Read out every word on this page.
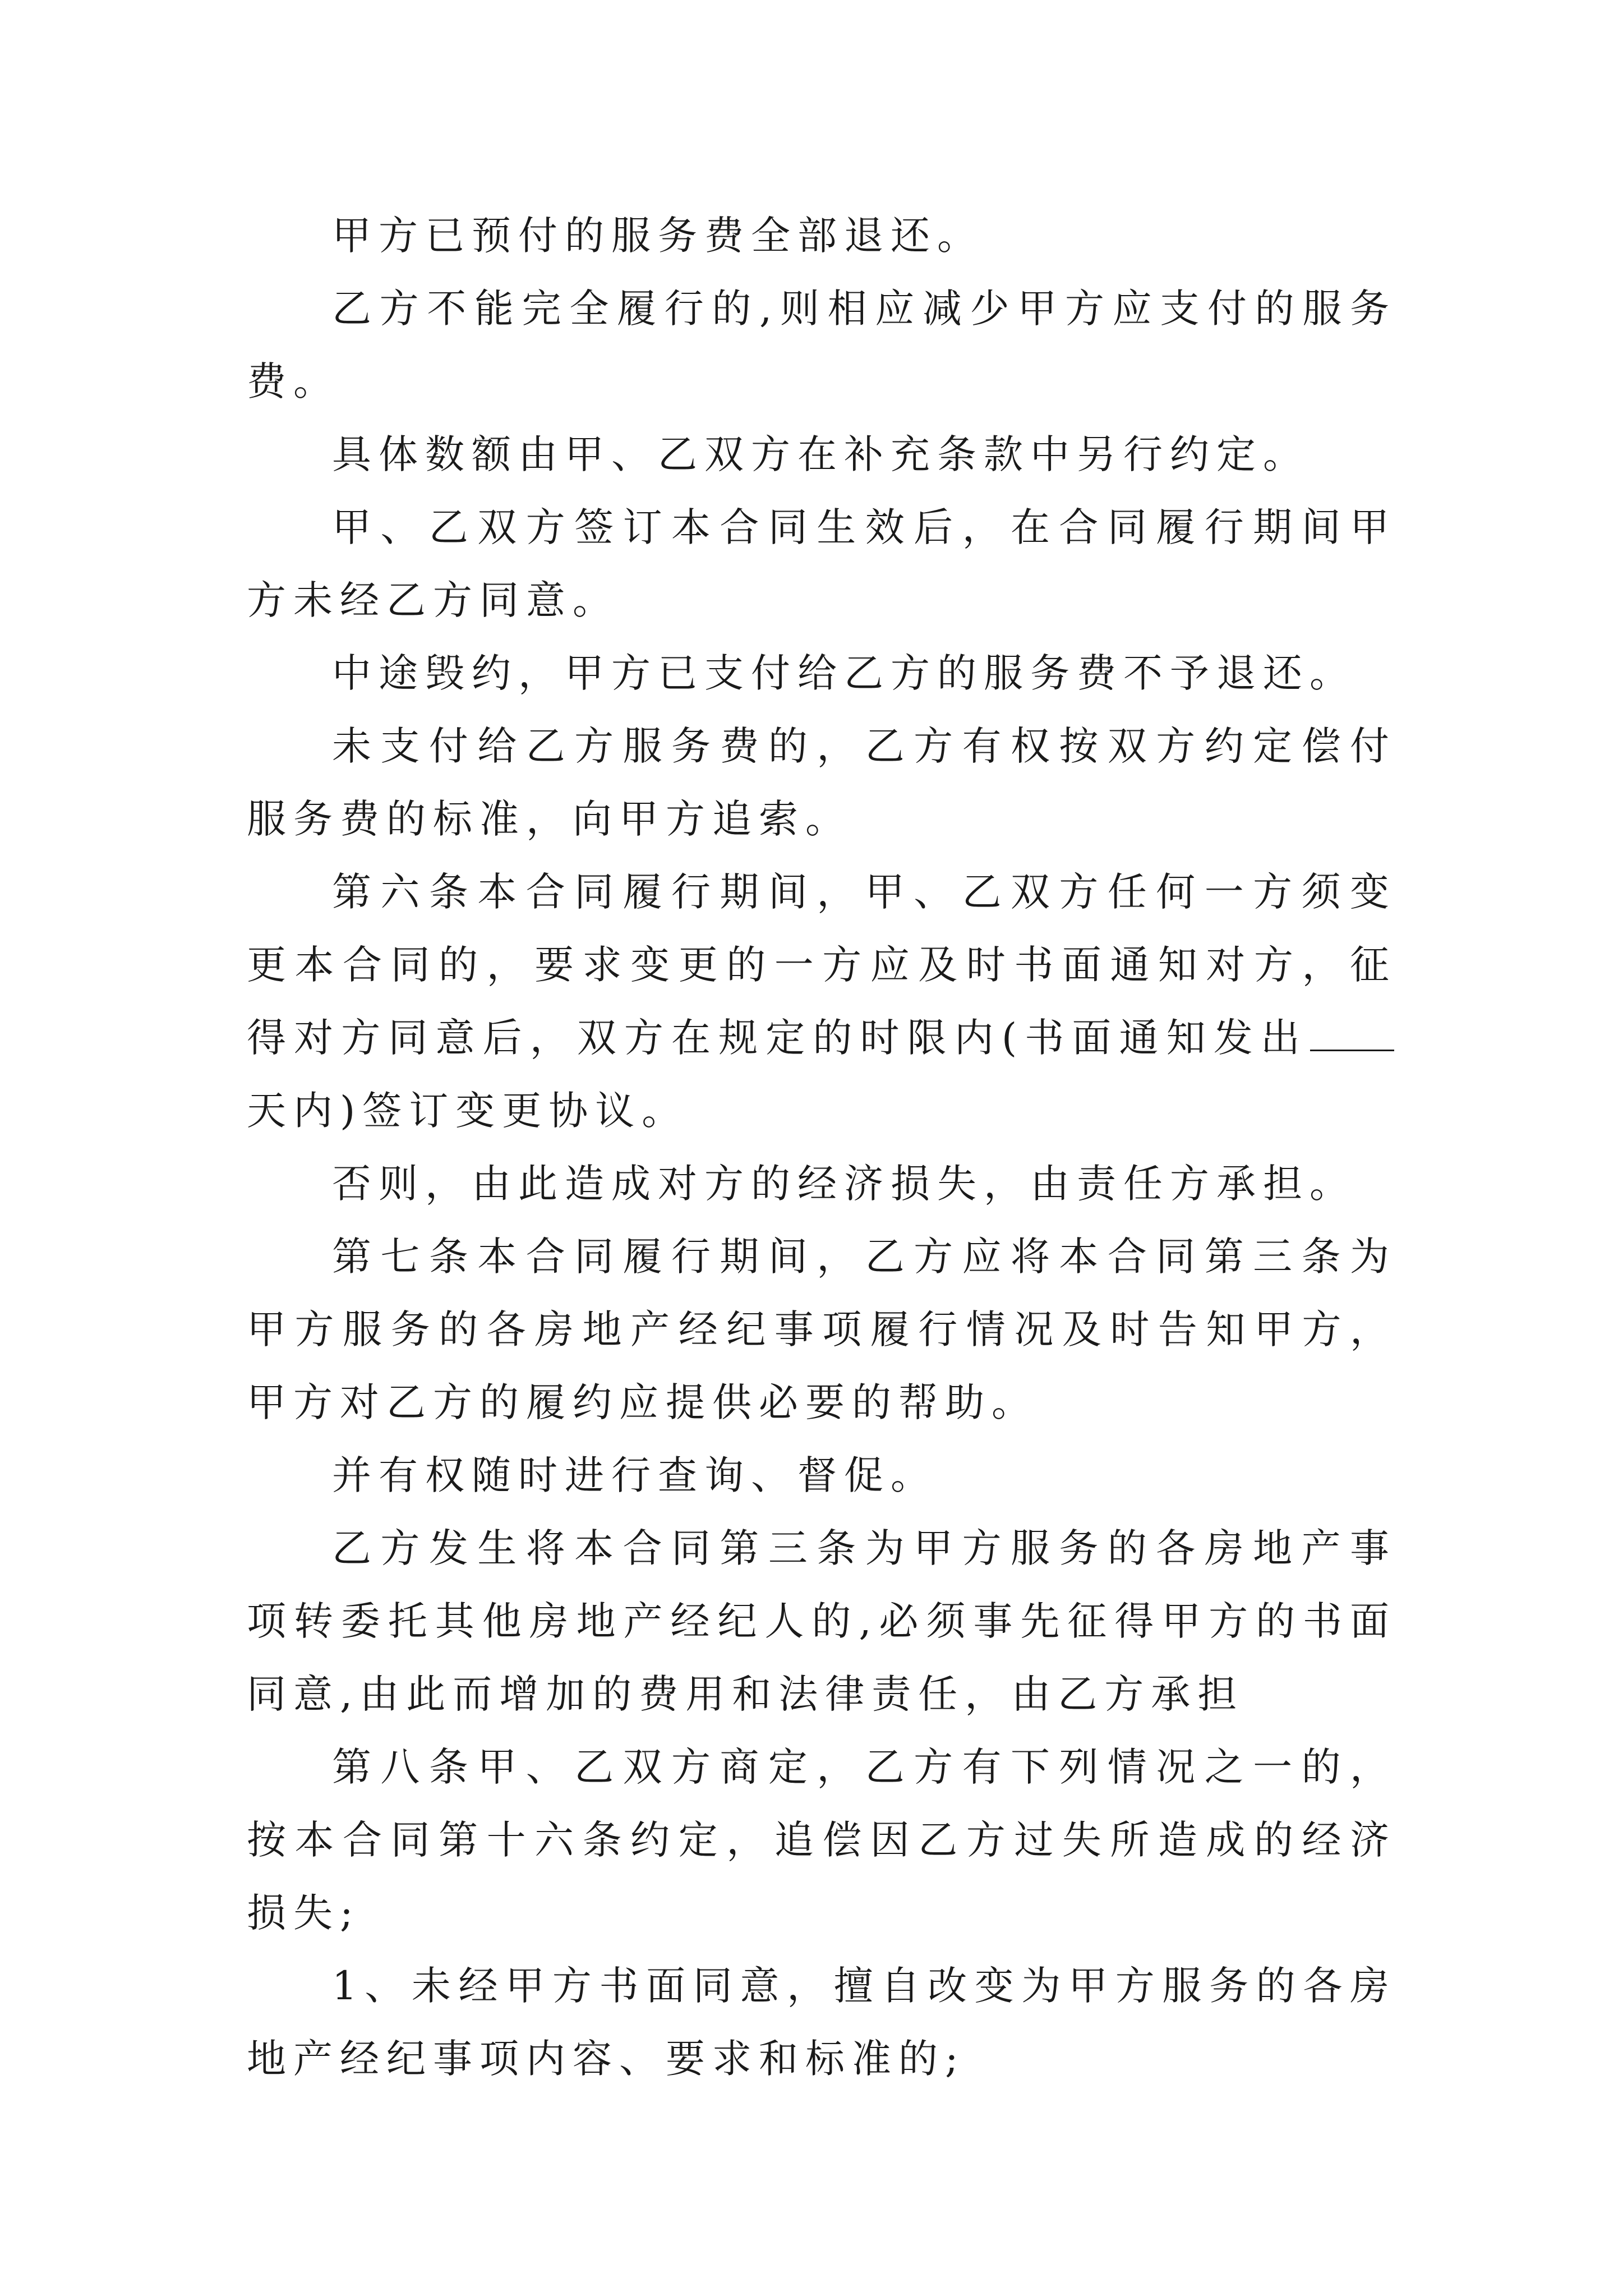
甲方已预付的服务费全部退还。

乙方不能完全履行的,则相应减少甲方应支付的服务费。

具体数额由甲、乙双方在补充条款中另行约定。

甲、乙双方签订本合同生效后，在合同履行期间甲方未经乙方同意。

中途毁约，甲方已支付给乙方的服务费不予退还。

未支付给乙方服务费的，乙方有权按双方约定偿付服务费的标准，向甲方追索。

第六条本合同履行期间，甲、乙双方任何一方须变更本合同的，要求变更的一方应及时书面通知对方，征得对方同意后，双方在规定的时限内(书面通知发出天内)签订变更协议。

否则，由此造成对方的经济损失，由责任方承担。

第七条本合同履行期间，乙方应将本合同第三条为甲方服务的各房地产经纪事项履行情况及时告知甲方，甲方对乙方的履约应提供必要的帮助。

并有权随时进行查询、督促。

乙方发生将本合同第三条为甲方服务的各房地产事项转委托其他房地产经纪人的,必须事先征得甲方的书面同意,由此而增加的费用和法律责任，由乙方承担

第八条甲、乙双方商定，乙方有下列情况之一的，按本合同第十六条约定，追偿因乙方过失所造成的经济损失;

1、未经甲方书面同意，擅自改变为甲方服务的各房地产经纪事项内容、要求和标准的;
